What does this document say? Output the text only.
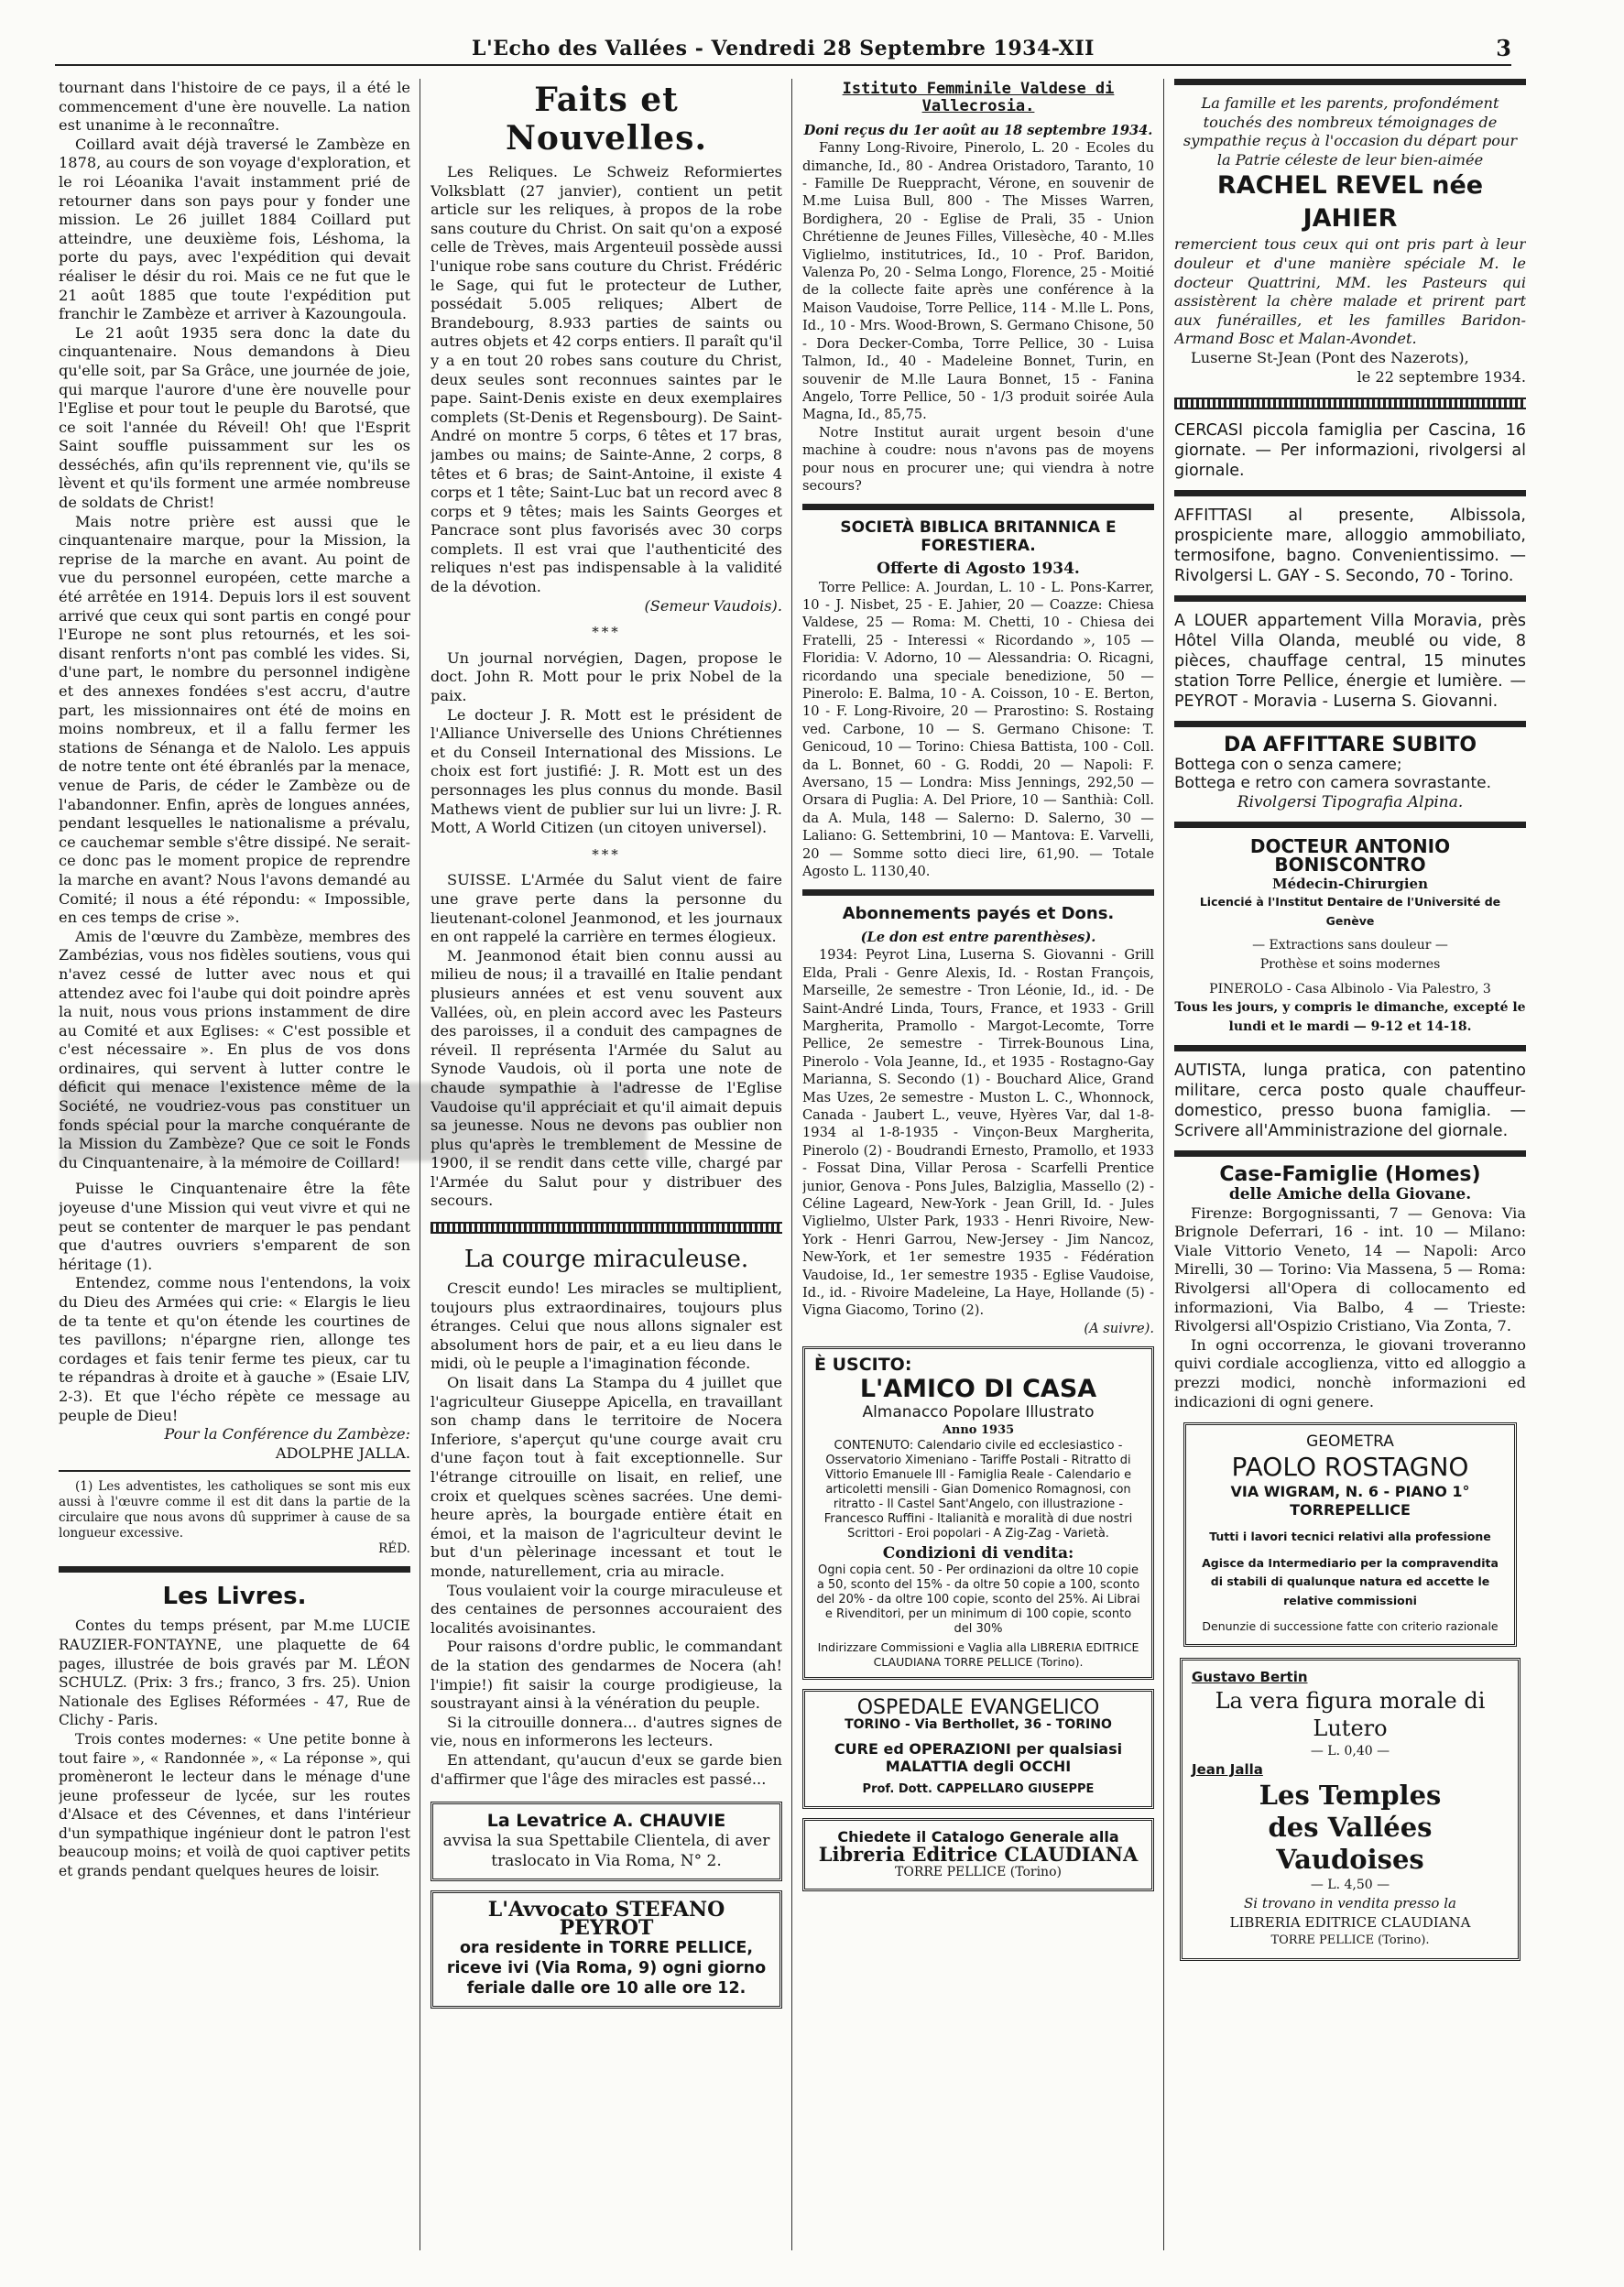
L'Echo des Vallées - Vendredi 28 Septembre 1934-XII	3

tournant dans l'histoire de ce pays, il a été le commencement d'une ère nouvelle. La nation est unanime à le reconnaître.

Coillard avait déjà traversé le Zambèze en 1878, au cours de son voyage d'exploration, et le roi Léoanika l'avait instamment prié de retourner dans son pays pour y fonder une mission. Le 26 juillet 1884 Coillard put atteindre, une deuxième fois, Léshoma, la porte du pays, avec l'expédition qui devait réaliser le désir du roi. Mais ce ne fut que le 21 août 1885 que toute l'expédition put franchir le Zambèze et arriver à Kazoungoula.

Le 21 août 1935 sera donc la date du cinquantenaire. Nous demandons à Dieu qu'elle soit, par Sa Grâce, une journée de joie, qui marque l'aurore d'une ère nouvelle pour l'Eglise et pour tout le peuple du Barotsé, que ce soit l'année du Réveil! Oh! que l'Esprit Saint souffle puissamment sur les os desséchés, afin qu'ils reprennent vie, qu'ils se lèvent et qu'ils forment une armée nombreuse de soldats de Christ!

Mais notre prière est aussi que le cinquantenaire marque, pour la Mission, la reprise de la marche en avant. Au point de vue du personnel européen, cette marche a été arrêtée en 1914. Depuis lors il est souvent arrivé que ceux qui sont partis en congé pour l'Europe ne sont plus retournés, et les soi-disant renforts n'ont pas comblé les vides. Si, d'une part, le nombre du personnel indigène et des annexes fondées s'est accru, d'autre part, les missionnaires ont été de moins en moins nombreux, et il a fallu fermer les stations de Sénanga et de Nalolo. Les appuis de notre tente ont été ébranlés par la menace, venue de Paris, de céder le Zambèze ou de l'abandonner. Enfin, après de longues années, pendant lesquelles le nationalisme a prévalu, ce cauchemar semble s'être dissipé. Ne serait-ce donc pas le moment propice de reprendre la marche en avant? Nous l'avons demandé au Comité; il nous a été répondu: « Impossible, en ces temps de crise ».

Amis de l'œuvre du Zambèze, membres des Zambézias, vous nos fidèles soutiens, vous qui n'avez cessé de lutter avec nous et qui attendez avec foi l'aube qui doit poindre après la nuit, nous vous prions instamment de dire au Comité et aux Eglises: « C'est possible et c'est nécessaire ». En plus de vos dons ordinaires, qui servent à lutter contre le déficit qui menace l'existence même de la Société, ne voudriez-vous pas constituer un fonds spécial pour la marche conquérante de la Mission du Zambèze? Que ce soit le Fonds du Cinquantenaire, à la mémoire de Coillard!

Puisse le Cinquantenaire être la fête joyeuse d'une Mission qui veut vivre et qui ne peut se contenter de marquer le pas pendant que d'autres ouvriers s'emparent de son héritage (1).

Entendez, comme nous l'entendons, la voix du Dieu des Armées qui crie: « Elargis le lieu de ta tente et qu'on étende les courtines de tes pavillons; n'épargne rien, allonge tes cordages et fais tenir ferme tes pieux, car tu te répandras à droite et à gauche » (Esaie LIV, 2-3). Et que l'écho répète ce message au peuple de Dieu!

Pour la Conférence du Zambèze:
ADOLPHE JALLA.

(1) Les adventistes, les catholiques se sont mis eux aussi à l'œuvre comme il est dit dans la partie de la circulaire que nous avons dû supprimer à cause de sa longueur excessive.

RÉD.
Les Livres.

Contes du temps présent, par M.me LUCIE RAUZIER-FONTAYNE, une plaquette de 64 pages, illustrée de bois gravés par M. LÉON SCHULZ. (Prix: 3 frs.; franco, 3 frs. 25). Union Nationale des Eglises Réformées - 47, Rue de Clichy - Paris.

Trois contes modernes: « Une petite bonne à tout faire », « Randonnée », « La réponse », qui promèneront le lecteur dans le ménage d'une jeune professeur de lycée, sur les routes d'Alsace et des Cévennes, et dans l'intérieur d'un sympathique ingénieur dont le patron l'est beaucoup moins; et voilà de quoi captiver petits et grands pendant quelques heures de loisir.

Faits et Nouvelles.

Les Reliques. Le Schweiz Reformiertes Volksblatt (27 janvier), contient un petit article sur les reliques, à propos de la robe sans couture du Christ. On sait qu'on a exposé celle de Trèves, mais Argenteuil possède aussi l'unique robe sans couture du Christ. Frédéric le Sage, qui fut le protecteur de Luther, possédait 5.005 reliques; Albert de Brandebourg, 8.933 parties de saints ou autres objets et 42 corps entiers. Il paraît qu'il y a en tout 20 robes sans couture du Christ, deux seules sont reconnues saintes par le pape. Saint-Denis existe en deux exemplaires complets (St-Denis et Regensbourg). De Saint-André on montre 5 corps, 6 têtes et 17 bras, jambes ou mains; de Sainte-Anne, 2 corps, 8 têtes et 6 bras; de Saint-Antoine, il existe 4 corps et 1 tête; Saint-Luc bat un record avec 8 corps et 9 têtes; mais les Saints Georges et Pancrace sont plus favorisés avec 30 corps complets. Il est vrai que l'authenticité des reliques n'est pas indispensable à la validité de la dévotion.

(Semeur Vaudois).
***

Un journal norvégien, Dagen, propose le doct. John R. Mott pour le prix Nobel de la paix.

Le docteur J. R. Mott est le président de l'Alliance Universelle des Unions Chrétiennes et du Conseil International des Missions. Le choix est fort justifié: J. R. Mott est un des personnages les plus connus du monde. Basil Mathews vient de publier sur lui un livre: J. R. Mott, A World Citizen (un citoyen universel).

***

SUISSE. L'Armée du Salut vient de faire une grave perte dans la personne du lieutenant-colonel Jeanmonod, et les journaux en ont rappelé la carrière en termes élogieux.

M. Jeanmonod était bien connu aussi au milieu de nous; il a travaillé en Italie pendant plusieurs années et est venu souvent aux Vallées, où, en plein accord avec les Pasteurs des paroisses, il a conduit des campagnes de réveil. Il représenta l'Armée du Salut au Synode Vaudois, où il porta une note de chaude sympathie à l'adresse de l'Eglise Vaudoise qu'il appréciait et qu'il aimait depuis sa jeunesse. Nous ne devons pas oublier non plus qu'après le tremblement de Messine de 1900, il se rendit dans cette ville, chargé par l'Armée du Salut pour y distribuer des secours.

La courge miraculeuse.

Crescit eundo! Les miracles se multiplient, toujours plus extraordinaires, toujours plus étranges. Celui que nous allons signaler est absolument hors de pair, et a eu lieu dans le midi, où le peuple a l'imagination féconde.

On lisait dans La Stampa du 4 juillet que l'agriculteur Giuseppe Apicella, en travaillant son champ dans le territoire de Nocera Inferiore, s'aperçut qu'une courge avait cru d'une façon tout à fait exceptionnelle. Sur l'étrange citrouille on lisait, en relief, une croix et quelques scènes sacrées. Une demi-heure après, la bourgade entière était en émoi, et la maison de l'agriculteur devint le but d'un pèlerinage incessant et tout le monde, naturellement, cria au miracle.

Tous voulaient voir la courge miraculeuse et des centaines de personnes accouraient des localités avoisinantes.

Pour raisons d'ordre public, le commandant de la station des gendarmes de Nocera (ah! l'impie!) fit saisir la courge prodigieuse, la soustrayant ainsi à la vénération du peuple.

Si la citrouille donnera... d'autres signes de vie, nous en informerons les lecteurs.

En attendant, qu'aucun d'eux se garde bien d'affirmer que l'âge des miracles est passé...

La Levatrice A. CHAUVIE

avvisa la sua Spettabile Clientela, di aver traslocato in Via Roma, N° 2.

L'Avvocato STEFANO PEYROT

ora residente in TORRE PELLICE, riceve ivi (Via Roma, 9) ogni giorno feriale dalle ore 10 alle ore 12.

Istituto Femminile Valdese di Vallecrosia.
Doni reçus du 1er août au 18 septembre 1934.

Fanny Long-Rivoire, Pinerolo, L. 20 - Ecoles du dimanche, Id., 80 - Andrea Oristadoro, Taranto, 10 - Famille De Rueppracht, Vérone, en souvenir de M.me Luisa Bull, 800 - The Misses Warren, Bordighera, 20 - Eglise de Prali, 35 - Union Chrétienne de Jeunes Filles, Villesèche, 40 - M.lles Viglielmo, institutrices, Id., 10 - Prof. Baridon, Valenza Po, 20 - Selma Longo, Florence, 25 - Moitié de la collecte faite après une conférence à la Maison Vaudoise, Torre Pellice, 114 - M.lle L. Pons, Id., 10 - Mrs. Wood-Brown, S. Germano Chisone, 50 - Dora Decker-Comba, Torre Pellice, 30 - Luisa Talmon, Id., 40 - Madeleine Bonnet, Turin, en souvenir de M.lle Laura Bonnet, 15 - Fanina Angelo, Torre Pellice, 50 - 1/3 produit soirée Aula Magna, Id., 85,75.

Notre Institut aurait urgent besoin d'une machine à coudre: nous n'avons pas de moyens pour nous en procurer une; qui viendra à notre secours?

SOCIETÀ BIBLICA BRITANNICA E FORESTIERA.
Offerte di Agosto 1934.

Torre Pellice: A. Jourdan, L. 10 - L. Pons-Karrer, 10 - J. Nisbet, 25 - E. Jahier, 20 — Coazze: Chiesa Valdese, 25 — Roma: M. Chetti, 10 - Chiesa dei Fratelli, 25 - Interessi « Ricordando », 105 — Floridia: V. Adorno, 10 — Alessandria: O. Ricagni, ricordando una speciale benedizione, 50 — Pinerolo: E. Balma, 10 - A. Coisson, 10 - E. Berton, 10 - F. Long-Rivoire, 20 — Prarostino: S. Rostaing ved. Carbone, 10 — S. Germano Chisone: T. Genicoud, 10 — Torino: Chiesa Battista, 100 - Coll. da L. Bonnet, 60 - G. Roddi, 20 — Napoli: F. Aversano, 15 — Londra: Miss Jennings, 292,50 — Orsara di Puglia: A. Del Priore, 10 — Santhià: Coll. da A. Mula, 148 — Salerno: D. Salerno, 30 — Laliano: G. Settembrini, 10 — Mantova: E. Varvelli, 20 — Somme sotto dieci lire, 61,90. — Totale Agosto L. 1130,40.

Abonnements payés et Dons.
(Le don est entre parenthèses).

1934: Peyrot Lina, Luserna S. Giovanni - Grill Elda, Prali - Genre Alexis, Id. - Rostan François, Marseille, 2e semestre - Tron Léonie, Id., id. - De Saint-André Linda, Tours, France, et 1933 - Grill Margherita, Pramollo - Margot-Lecomte, Torre Pellice, 2e semestre - Tirrek-Bounous Lina, Pinerolo - Vola Jeanne, Id., et 1935 - Rostagno-Gay Marianna, S. Secondo (1) - Bouchard Alice, Grand Mas Uzes, 2e semestre - Muston L. C., Whonnock, Canada - Jaubert L., veuve, Hyères Var, dal 1-8-1934 al 1-8-1935 - Vinçon-Beux Margherita, Pinerolo (2) - Boudrandi Ernesto, Pramollo, et 1933 - Fossat Dina, Villar Perosa - Scarfelli Prentice junior, Genova - Pons Jules, Balziglia, Massello (2) - Céline Lageard, New-York - Jean Grill, Id. - Jules Viglielmo, Ulster Park, 1933 - Henri Rivoire, New-York - Henri Garrou, New-Jersey - Jim Nancoz, New-York, et 1er semestre 1935 - Fédération Vaudoise, Id., 1er semestre 1935 - Eglise Vaudoise, Id., id. - Rivoire Madeleine, La Haye, Hollande (5) - Vigna Giacomo, Torino (2).

(A suivre).
È USCITO:
L'AMICO DI CASA
Almanacco Popolare Illustrato
Anno 1935

CONTENUTO: Calendario civile ed ecclesiastico - Osservatorio Ximeniano - Tariffe Postali - Ritratto di Vittorio Emanuele III - Famiglia Reale - Calendario e articoletti mensili - Gian Domenico Romagnosi, con ritratto - Il Castel Sant'Angelo, con illustrazione - Francesco Ruffini - Italianità e moralità di due nostri Scrittori - Eroi popolari - A Zig-Zag - Varietà.

Condizioni di vendita:

Ogni copia cent. 50 - Per ordinazioni da oltre 10 copie a 50, sconto del 15% - da oltre 50 copie a 100, sconto del 20% - da oltre 100 copie, sconto del 25%. Ai Librai e Rivenditori, per un minimum di 100 copie, sconto del 30%

Indirizzare Commissioni e Vaglia alla LIBRERIA EDITRICE CLAUDIANA TORRE PELLICE (Torino).

OSPEDALE EVANGELICO
TORINO - Via Berthollet, 36 - TORINO
CURE ed OPERAZIONI per qualsiasi MALATTIA degli OCCHI
Prof. Dott. CAPPELLARO GIUSEPPE
Chiedete il Catalogo Generale alla
Libreria Editrice CLAUDIANA
TORRE PELLICE (Torino)

La famille et les parents, profondément touchés des nombreux témoignages de sympathie reçus à l'occasion du départ pour la Patrie céleste de leur bien-aimée

RACHEL REVEL née JAHIER

remercient tous ceux qui ont pris part à leur douleur et d'une manière spéciale M. le docteur Quattrini, MM. les Pasteurs qui assistèrent la chère malade et prirent part aux funérailles, et les familles Baridon-Armand Bosc et Malan-Avondet.

Luserne St-Jean (Pont des Nazerots),

le 22 septembre 1934.

CERCASI piccola famiglia per Cascina, 16 giornate. — Per informazioni, rivolgersi al giornale.

AFFITTASI al presente, Albissola, prospiciente mare, alloggio ammobiliato, termosifone, bagno. Convenientissimo. — Rivolgersi L. GAY - S. Secondo, 70 - Torino.

A LOUER appartement Villa Moravia, près Hôtel Villa Olanda, meublé ou vide, 8 pièces, chauffage central, 15 minutes station Torre Pellice, énergie et lumière. — PEYROT - Moravia - Luserna S. Giovanni.

DA AFFITTARE SUBITO
Bottega con o senza camere;
Bottega e retro con camera sovrastante.
Rivolgersi Tipografia Alpina.
DOCTEUR ANTONIO BONISCONTRO
Médecin-Chirurgien
Licencié à l'Institut Dentaire de l'Université de Genève
— Extractions sans douleur —
Prothèse et soins modernes
PINEROLO - Casa Albinolo - Via Palestro, 3
Tous les jours, y compris le dimanche, excepté le lundi et le mardi — 9-12 et 14-18.

AUTISTA, lunga pratica, con patentino militare, cerca posto quale chauffeur-domestico, presso buona famiglia. — Scrivere all'Amministrazione del giornale.

Case-Famiglie (Homes)
delle Amiche della Giovane.

Firenze: Borgognissanti, 7 — Genova: Via Brignole Deferrari, 16 - int. 10 — Milano: Viale Vittorio Veneto, 14 — Napoli: Arco Mirelli, 30 — Torino: Via Massena, 5 — Roma: Rivolgersi all'Opera di collocamento ed informazioni, Via Balbo, 4 — Trieste: Rivolgersi all'Ospizio Cristiano, Via Zonta, 7.

In ogni occorrenza, le giovani troveranno quivi cordiale accoglienza, vitto ed alloggio a prezzi modici, nonchè informazioni ed indicazioni di ogni genere.

GEOMETRA
PAOLO ROSTAGNO
VIA WIGRAM, N. 6 - PIANO 1°
TORREPELLICE
Tutti i lavori tecnici relativi alla professione
Agisce da Intermediario per la compravendita di stabili di qualunque natura ed accette le relative commissioni
Denunzie di successione fatte con criterio razionale
Gustavo Bertin
La vera figura morale di Lutero
— L. 0,40 —
Jean Jalla
Les Temples
des Vallées Vaudoises
— L. 4,50 —
Si trovano in vendita presso la
LIBRERIA EDITRICE CLAUDIANA
TORRE PELLICE (Torino).
